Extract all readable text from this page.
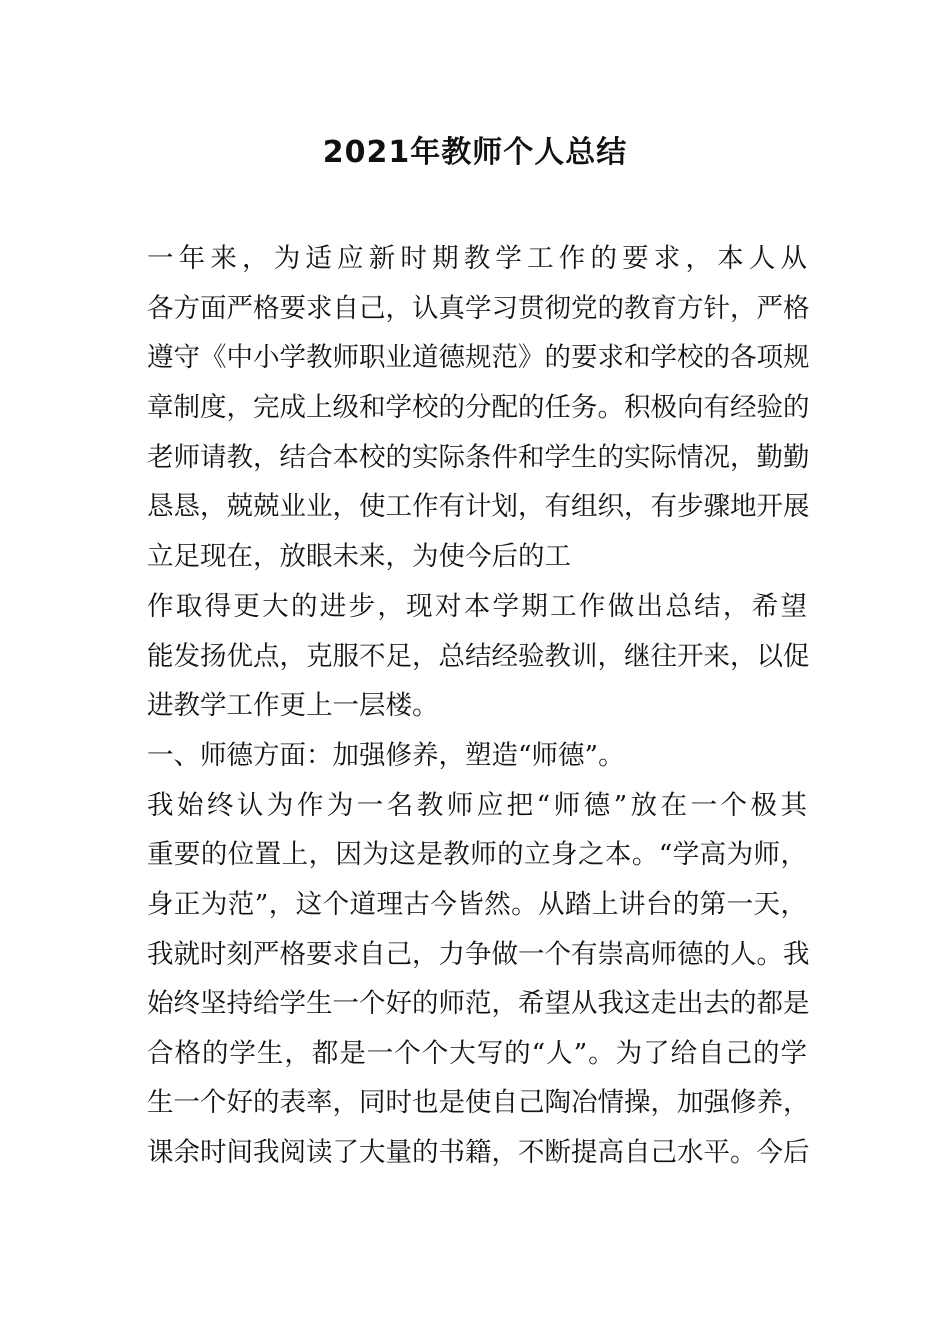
2021年教师个人总结
一年来，为适应新时期教学工作的要求，本人从
各方面严格要求自己，认真学习贯彻党的教育方针，严格
遵守《中小学教师职业道德规范》的要求和学校的各项规
章制度，完成上级和学校的分配的任务。积极向有经验的
老师请教，结合本校的实际条件和学生的实际情况，勤勤
恳恳，兢兢业业，使工作有计划，有组织，有步骤地开展
立足现在，放眼未来，为使今后的工
作取得更大的进步，现对本学期工作做出总结，希望
能发扬优点，克服不足，总结经验教训，继往开来，以促
进教学工作更上一层楼。
一、师德方面：加强修养，塑造“师德”。
我始终认为作为一名教师应把“师德”放在一个极其
重要的位置上，因为这是教师的立身之本。“学高为师，
身正为范”，这个道理古今皆然。从踏上讲台的第一天，
我就时刻严格要求自己，力争做一个有崇高师德的人。我
始终坚持给学生一个好的师范，希望从我这走出去的都是
合格的学生，都是一个个大写的“人”。为了给自己的学
生一个好的表率，同时也是使自己陶冶情操，加强修养，
课余时间我阅读了大量的书籍，不断提高自己水平。今后
